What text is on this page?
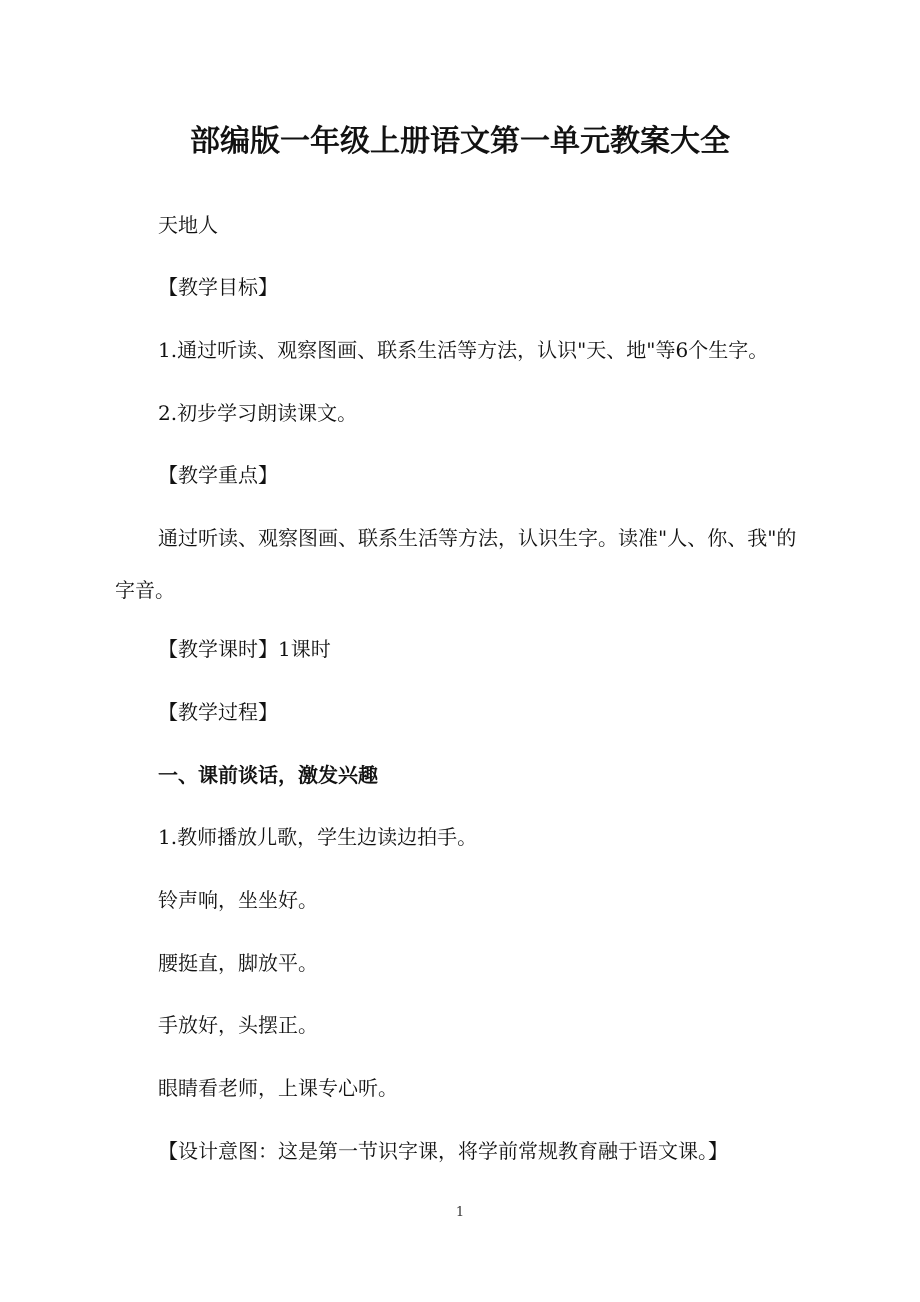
部编版一年级上册语文第一单元教案大全
天地人
【教学目标】
1.通过听读、观察图画、联系生活等方法，认识"天、地"等6个生字。
2.初步学习朗读课文。
【教学重点】
通过听读、观察图画、联系生活等方法，认识生字。读准"人、你、我"的字音。
【教学课时】1课时
【教学过程】
一、课前谈话，激发兴趣
1.教师播放儿歌，学生边读边拍手。
铃声响，坐坐好。
腰挺直，脚放平。
手放好，头摆正。
眼睛看老师，上课专心听。
【设计意图：这是第一节识字课，将学前常规教育融于语文课。】
1
